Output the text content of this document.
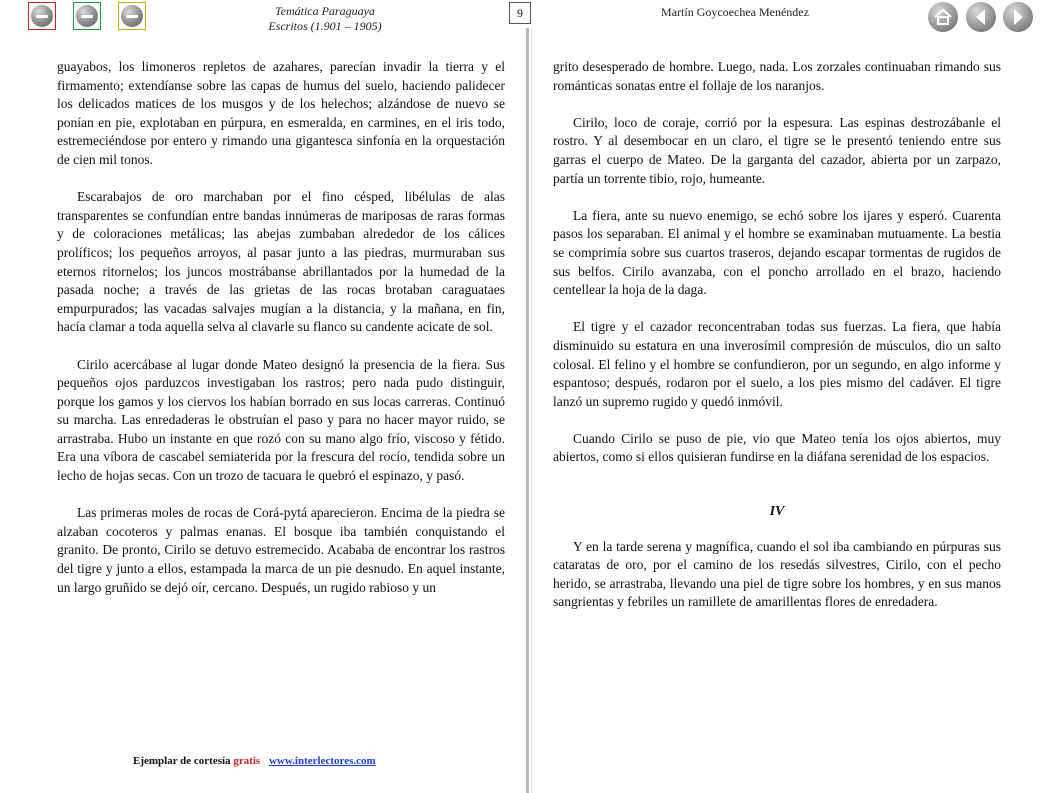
Temática Paraguaya
Escritos (1.901 – 1905)
9	Martín Goycoechea Menéndez

guayabos, los limoneros repletos de azahares, parecían invadir la tierra y el firmamento; extendíanse sobre las capas de humus del suelo, haciendo palidecer los delicados matices de los musgos y de los helechos; alzándose de nuevo se ponían en pie, explotaban en púrpura, en esmeralda, en carmines, en el iris todo, estremeciéndose por entero y rimando una gigantesca sinfonía en la orquestación de cien mil tonos.

Escarabajos de oro marchaban por el fino césped, libélulas de alas transparentes se confundían entre bandas innúmeras de mariposas de raras formas y de coloraciones metálicas; las abejas zumbaban alrededor de los cálices prolíficos; los pequeños arroyos, al pasar junto a las piedras, murmuraban sus eternos ritornelos; los juncos mostrábanse abrillantados por la humedad de la pasada noche; a través de las grietas de las rocas brotaban caraguataes empurpurados; las vacadas salvajes mugían a la distancia, y la mañana, en fin, hacía clamar a toda aquella selva al clavarle su flanco su candente acicate de sol.

Cirilo acercábase al lugar donde Mateo designó la presencia de la fiera. Sus pequeños ojos parduzcos investigaban los rastros; pero nada pudo distinguir, porque los gamos y los ciervos los habían borrado en sus locas carreras. Continuó su marcha. Las enredaderas le obstruían el paso y para no hacer mayor ruido, se arrastraba. Hubo un instante en que rozó con su mano algo frío, viscoso y fétido. Era una víbora de cascabel semiaterida por la frescura del rocío, tendida sobre un lecho de hojas secas. Con un trozo de tacuara le quebró el espinazo, y pasó.

Las primeras moles de rocas de Corá-pytá aparecieron. Encima de la piedra se alzaban cocoteros y palmas enanas. El bosque iba también conquistando el granito. De pronto, Cirilo se detuvo estremecido. Acababa de encontrar los rastros del tigre y junto a ellos, estampada la marca de un pie desnudo. En aquel instante, un largo gruñido se dejó oír, cercano. Después, un rugido rabioso y un

grito desesperado de hombre. Luego, nada. Los zorzales continuaban rimando sus románticas sonatas entre el follaje de los naranjos.

Cirilo, loco de coraje, corrió por la espesura. Las espinas destrozábanle el rostro. Y al desembocar en un claro, el tigre se le presentó teniendo entre sus garras el cuerpo de Mateo. De la garganta del cazador, abierta por un zarpazo, partía un torrente tibio, rojo, humeante.

La fiera, ante su nuevo enemigo, se echó sobre los ijares y esperó. Cuarenta pasos los separaban. El animal y el hombre se examinaban mutuamente. La bestia se comprimía sobre sus cuartos traseros, dejando escapar tormentas de rugidos de sus belfos. Cirilo avanzaba, con el poncho arrollado en el brazo, haciendo centellear la hoja de la daga.

El tigre y el cazador reconcentraban todas sus fuerzas. La fiera, que había disminuido su estatura en una inverosímil compresión de músculos, dio un salto colosal. El felino y el hombre se confundieron, por un segundo, en algo informe y espantoso; después, rodaron por el suelo, a los pies mismo del cadáver. El tigre lanzó un supremo rugido y quedó inmóvil.

Cuando Cirilo se puso de pie, vio que Mateo tenía los ojos abiertos, muy abiertos, como si ellos quisieran fundirse en la diáfana serenidad de los espacios.

IV

Y en la tarde serena y magnífica, cuando el sol iba cambiando en púrpuras sus cataratas de oro, por el camino de los resedás silvestres, Cirilo, con el pecho herido, se arrastraba, llevando una piel de tigre sobre los hombres, y en sus manos sangrientas y febriles un ramillete de amarillentas flores de enredadera.

Ejemplar de cortesía gratis www.interlectores.com
